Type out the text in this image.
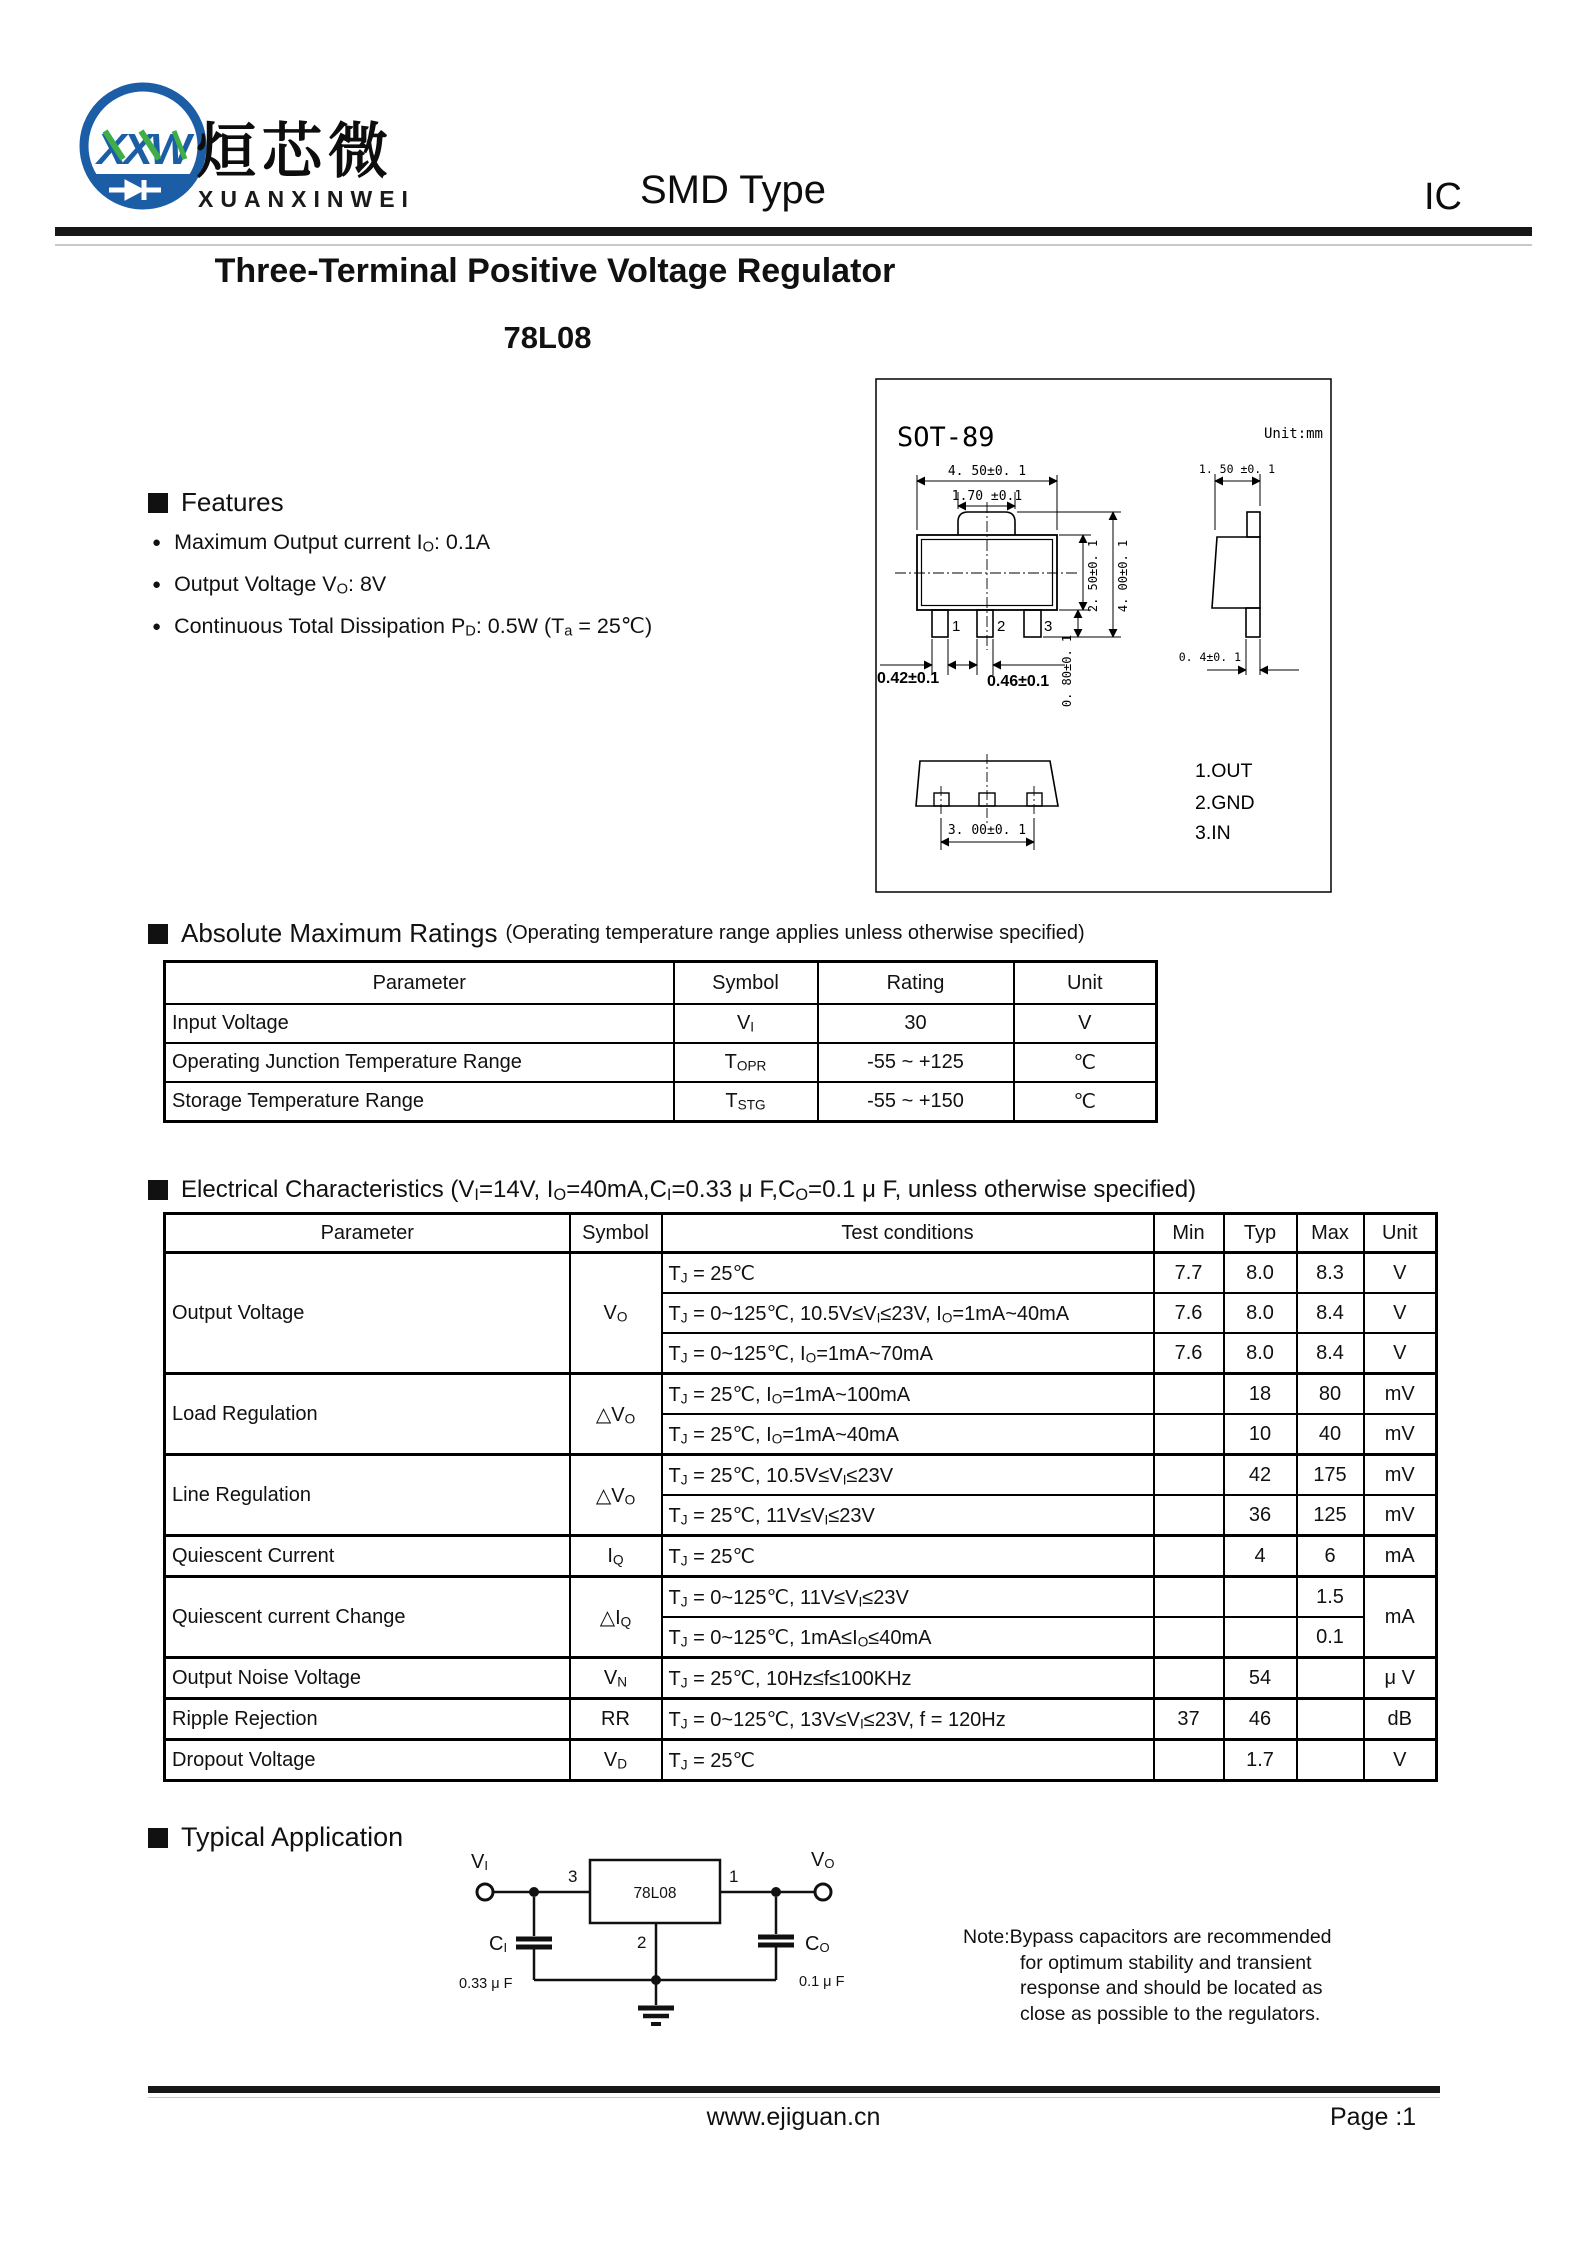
XXW 烜芯微
XUANXINWEI	SMD Type	IC
Three-Terminal Positive Voltage Regulator
78L08
SOT-89	Unit:mm
1 2	3
4. 50±0. 1
1.70 ±0.1
2. 50±0. 1 4. 00±0. 1
0. 80±0. 1
0.42±0.1	0.46±0.1
1. 50 ±0. 1
0. 4±0. 1
3. 00±0. 1
1.OUT
2.GND
3.IN
Features
● Maximum Output current $I_O$: 0.1A
● Output Voltage $V_O$: 8V
● Continuous Total Dissipation $P_D$: 0.5W ($T_a$ = 25℃)
Absolute Maximum Ratings (Operating temperature range applies unless otherwise specified)
Parameter	Symbol	Rating	Unit
Input Voltage	$V_I$	30	V
Operating Junction Temperature Range	$T_{OPR}$	-55 ~ +125	℃
Storage Temperature Range	$T_{STG}$	-55 ~ +150	℃
Electrical Characteristics ($V_I=14V$, $I_O=40mA,C_I=0.33$ μ $F,C_O=0.1$ μ F, unless otherwise specified)
Parameter	Symbol	Test conditions	Min	Typ	Max	Unit
Output Voltage	$V_O$	$T_J$ = 25℃	7.7	8.0	8.3	V
		$T_J$ = 0~125℃, $10.5V\le V_I\le 23V$, $I_O=1mA\sim 40mA$	7.6	8.0	8.4	V
		$T_J$ = 0~125℃, $I_O=1mA\sim 70mA$	7.6	8.0	8.4	V
Load Regulation	$\triangle V_O$	$T_J$ = 25℃, $I_O=1mA\sim 100mA$		18	80	mV
		$T_J$ = 25℃, $I_O=1mA\sim 40mA$		10	40	mV
Line Regulation	$\triangle V_O$	$T_J$ = 25℃, $10.5V\le V_I\le 23V$		42	175	mV
		$T_J$ = 25℃, $11V\le V_I\le 23V$		36	125	mV
Quiescent Current	$I_Q$	$T_J$ = 25℃		4	6	mA
Quiescent current Change	$\triangle I_Q$	$T_J$ = 0~125℃, $11V\le V_I\le 23V$			1.5	mA
		$T_J$ = 0~125℃, $1mA\le I_O\le 40mA$			0.1	
Output Noise Voltage	$V_N$	$T_J$ = 25℃, 10Hz≤f≤100KHz		54		μ V
Ripple Rejection	RR	$T_J$ = 0~125℃, $13V\le V_I\le 23V$, f = 120Hz	37	46		dB
Dropout Voltage	$V_D$	$T_J$ = 25℃		1.7		V
Typical Application
78L08
VI	VO
CI	CO
0.33 μ F	0.1 μ F
3	1
2	Note:Bypass capacitors are recommended
for optimum stability and transient
response and should be located as
close as possible to the regulators.
www.ejiguan.cn	Page :1
